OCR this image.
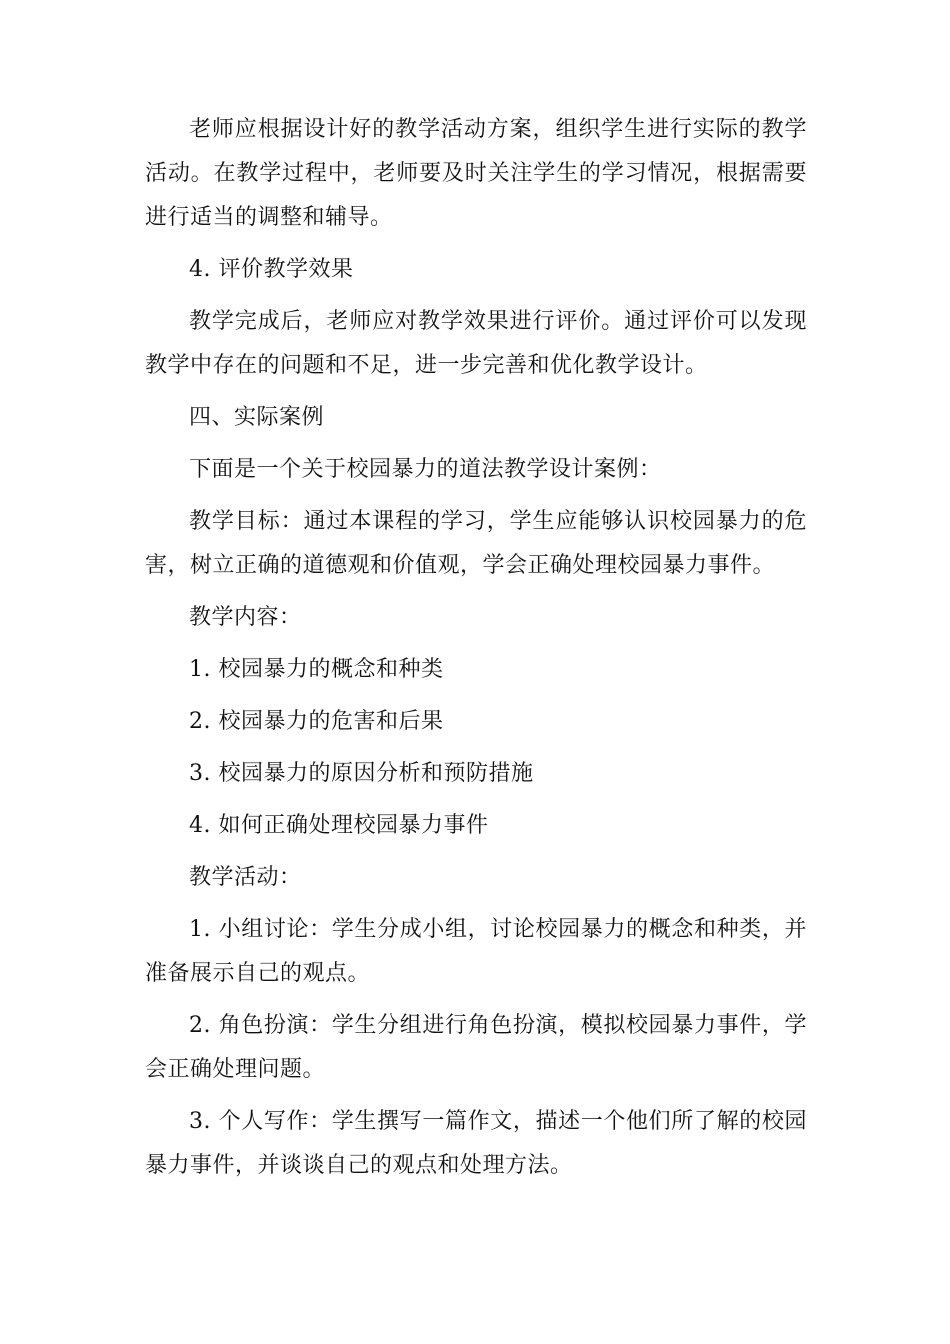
老师应根据设计好的教学活动方案，组织学生进行实际的教学活动。在教学过程中，老师要及时关注学生的学习情况，根据需要进行适当的调整和辅导。

4. 评价教学效果

教学完成后，老师应对教学效果进行评价。通过评价可以发现教学中存在的问题和不足，进一步完善和优化教学设计。

四、实际案例

下面是一个关于校园暴力的道法教学设计案例：

教学目标：通过本课程的学习，学生应能够认识校园暴力的危害，树立正确的道德观和价值观，学会正确处理校园暴力事件。

教学内容：

1. 校园暴力的概念和种类

2. 校园暴力的危害和后果

3. 校园暴力的原因分析和预防措施

4. 如何正确处理校园暴力事件

教学活动：

1. 小组讨论：学生分成小组，讨论校园暴力的概念和种类，并准备展示自己的观点。

2. 角色扮演：学生分组进行角色扮演，模拟校园暴力事件，学会正确处理问题。

3. 个人写作：学生撰写一篇作文，描述一个他们所了解的校园暴力事件，并谈谈自己的观点和处理方法。
